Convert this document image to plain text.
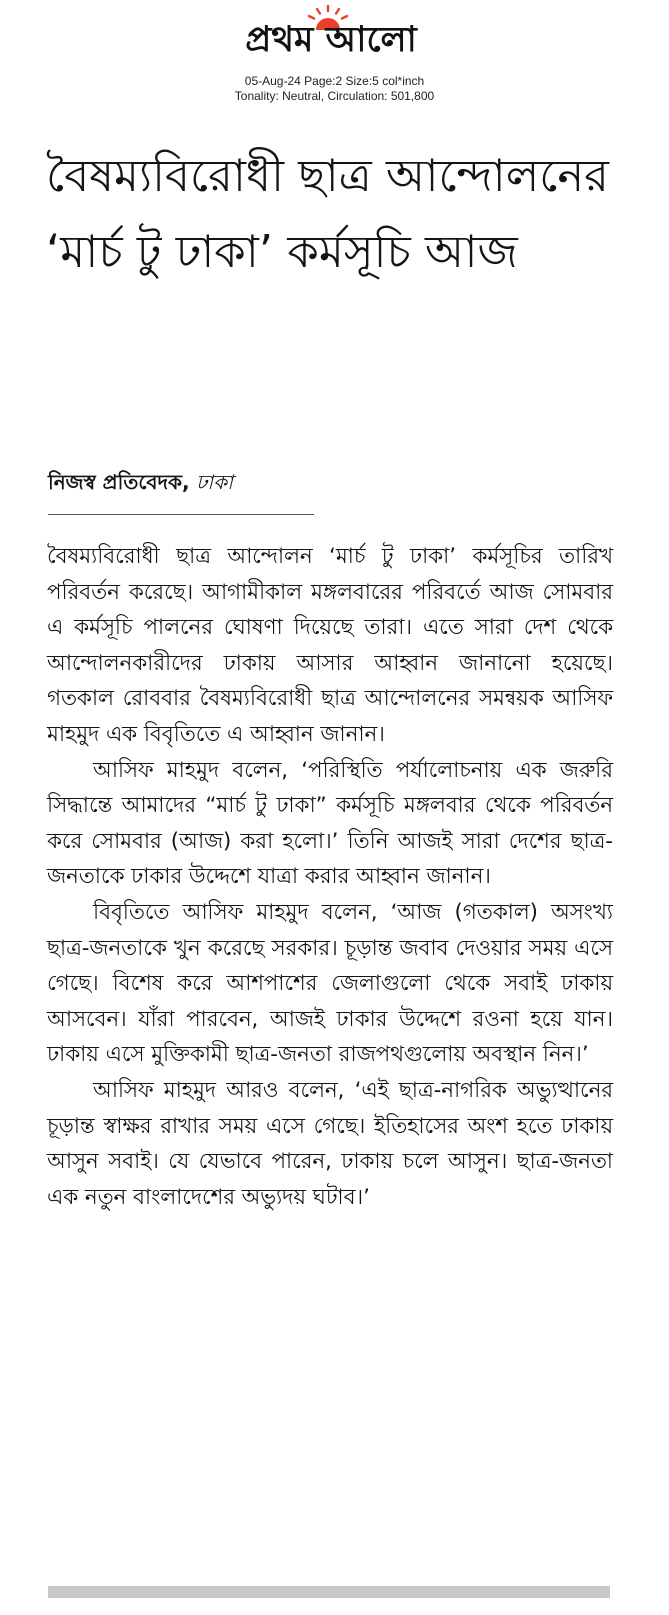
প্রথম আলো
05-Aug-24 Page:2 Size:5 col*inch
Tonality: Neutral, Circulation: 501,800
বৈষম্যবিরোধী ছাত্র আন্দোলনের ‘মার্চ টু ঢাকা’ কর্মসূচি আজ
নিজস্ব প্রতিবেদক, ঢাকা

বৈষম্যবিরোধী ছাত্র আন্দোলন ‘মার্চ টু ঢাকা’ কর্মসূচির তারিখ পরিবর্তন করেছে। আগামীকাল মঙ্গলবারের পরিবর্তে আজ সোমবার এ কর্মসূচি পালনের ঘোষণা দিয়েছে তারা। এতে সারা দেশ থেকে আন্দোলনকারীদের ঢাকায় আসার আহ্বান জানানো হয়েছে। গতকাল রোববার বৈষম্যবিরোধী ছাত্র আন্দোলনের সমন্বয়ক আসিফ মাহমুদ এক বিবৃতিতে এ আহ্বান জানান।

আসিফ মাহমুদ বলেন, ‘পরিস্থিতি পর্যালোচনায় এক জরুরি সিদ্ধান্তে আমাদের “মার্চ টু ঢাকা” কর্মসূচি মঙ্গলবার থেকে পরিবর্তন করে সোমবার (আজ) করা হলো।’ তিনি আজই সারা দেশের ছাত্র-জনতাকে ঢাকার উদ্দেশে যাত্রা করার আহ্বান জানান।

বিবৃতিতে আসিফ মাহমুদ বলেন, ‘আজ (গতকাল) অসংখ্য ছাত্র-জনতাকে খুন করেছে সরকার। চূড়ান্ত জবাব দেওয়ার সময় এসে গেছে। বিশেষ করে আশপাশের জেলাগুলো থেকে সবাই ঢাকায় আসবেন। যাঁরা পারবেন, আজই ঢাকার উদ্দেশে রওনা হয়ে যান। ঢাকায় এসে মুক্তিকামী ছাত্র-জনতা রাজপথগুলোয় অবস্থান নিন।’

আসিফ মাহমুদ আরও বলেন, ‘এই ছাত্র-নাগরিক অভ্যুত্থানের চূড়ান্ত স্বাক্ষর রাখার সময় এসে গেছে। ইতিহাসের অংশ হতে ঢাকায় আসুন সবাই। যে যেভাবে পারেন, ঢাকায় চলে আসুন। ছাত্র-জনতা এক নতুন বাংলাদেশের অভ্যুদয় ঘটাব।’
